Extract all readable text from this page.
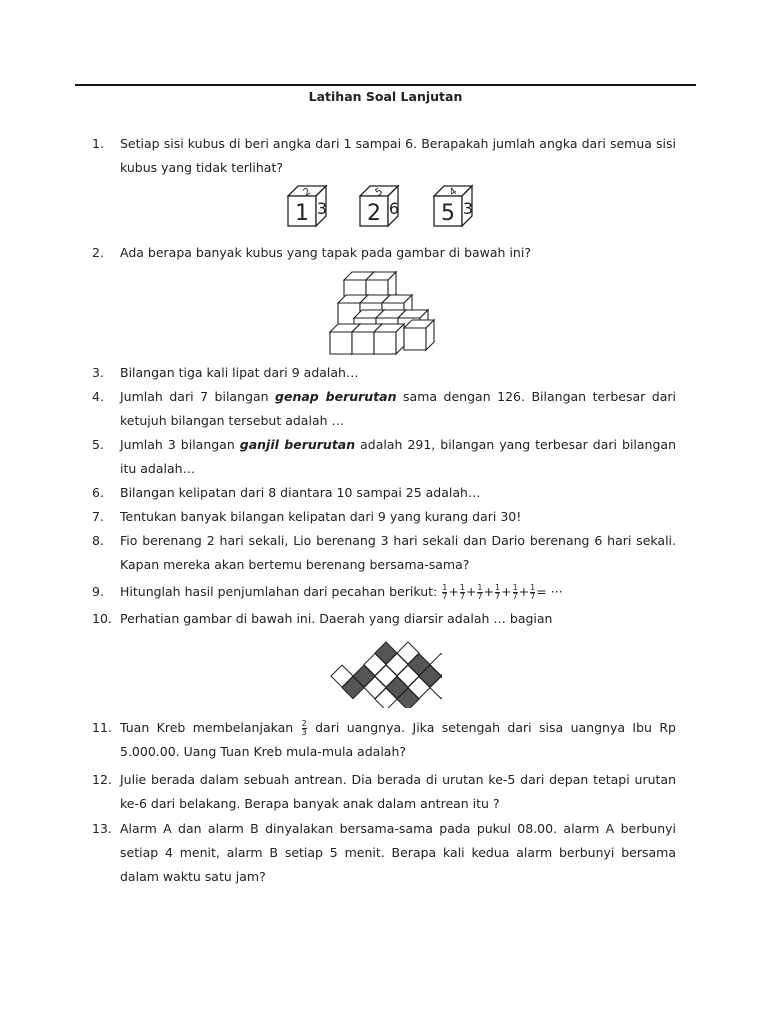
Latihan Soal Lanjutan
1. Setiap sisi kubus di beri angka dari 1 sampai 6. Berapakah jumlah angka dari semua sisi kubus yang tidak terlihat?
1 3
2
2 6
5
5 3
4
2. Ada berapa banyak kubus yang tapak pada gambar di bawah ini?
3. Bilangan tiga kali lipat dari 9 adalah…
4. Jumlah dari 7 bilangan genap berurutan sama dengan 126. Bilangan terbesar dari ketujuh bilangan tersebut adalah …
5. Jumlah 3 bilangan ganjil berurutan adalah 291, bilangan yang terbesar dari bilangan itu adalah…
6. Bilangan kelipatan dari 8 diantara 10 sampai 25 adalah…
7. Tentukan banyak bilangan kelipatan dari 9 yang kurang dari 30!
8. Fio berenang 2 hari sekali, Lio berenang 3 hari sekali dan Dario berenang 6 hari sekali. Kapan mereka akan bertemu berenang bersama-sama?
9. Hitunglah hasil penjumlahan dari pecahan berikut: $\frac{1}{7} + \frac{1}{7} + \frac{1}{7} + \frac{1}{7} + \frac{1}{7} + \frac{1}{7}$ = ···
10. Perhatian gambar di bawah ini. Daerah yang diarsir adalah … bagian
11. Tuan Kreb membelanjakan $\frac{2}{3}$ dari uangnya. Jika setengah dari sisa uangnya Ibu Rp 5.000.00. Uang Tuan Kreb mula-mula adalah?
12. Julie berada dalam sebuah antrean. Dia berada di urutan ke-5 dari depan tetapi urutan ke-6 dari belakang. Berapa banyak anak dalam antrean itu ?
13. Alarm A dan alarm B dinyalakan bersama-sama pada pukul 08.00. alarm A berbunyi setiap 4 menit, alarm B setiap 5 menit. Berapa kali kedua alarm berbunyi bersama dalam waktu satu jam?
